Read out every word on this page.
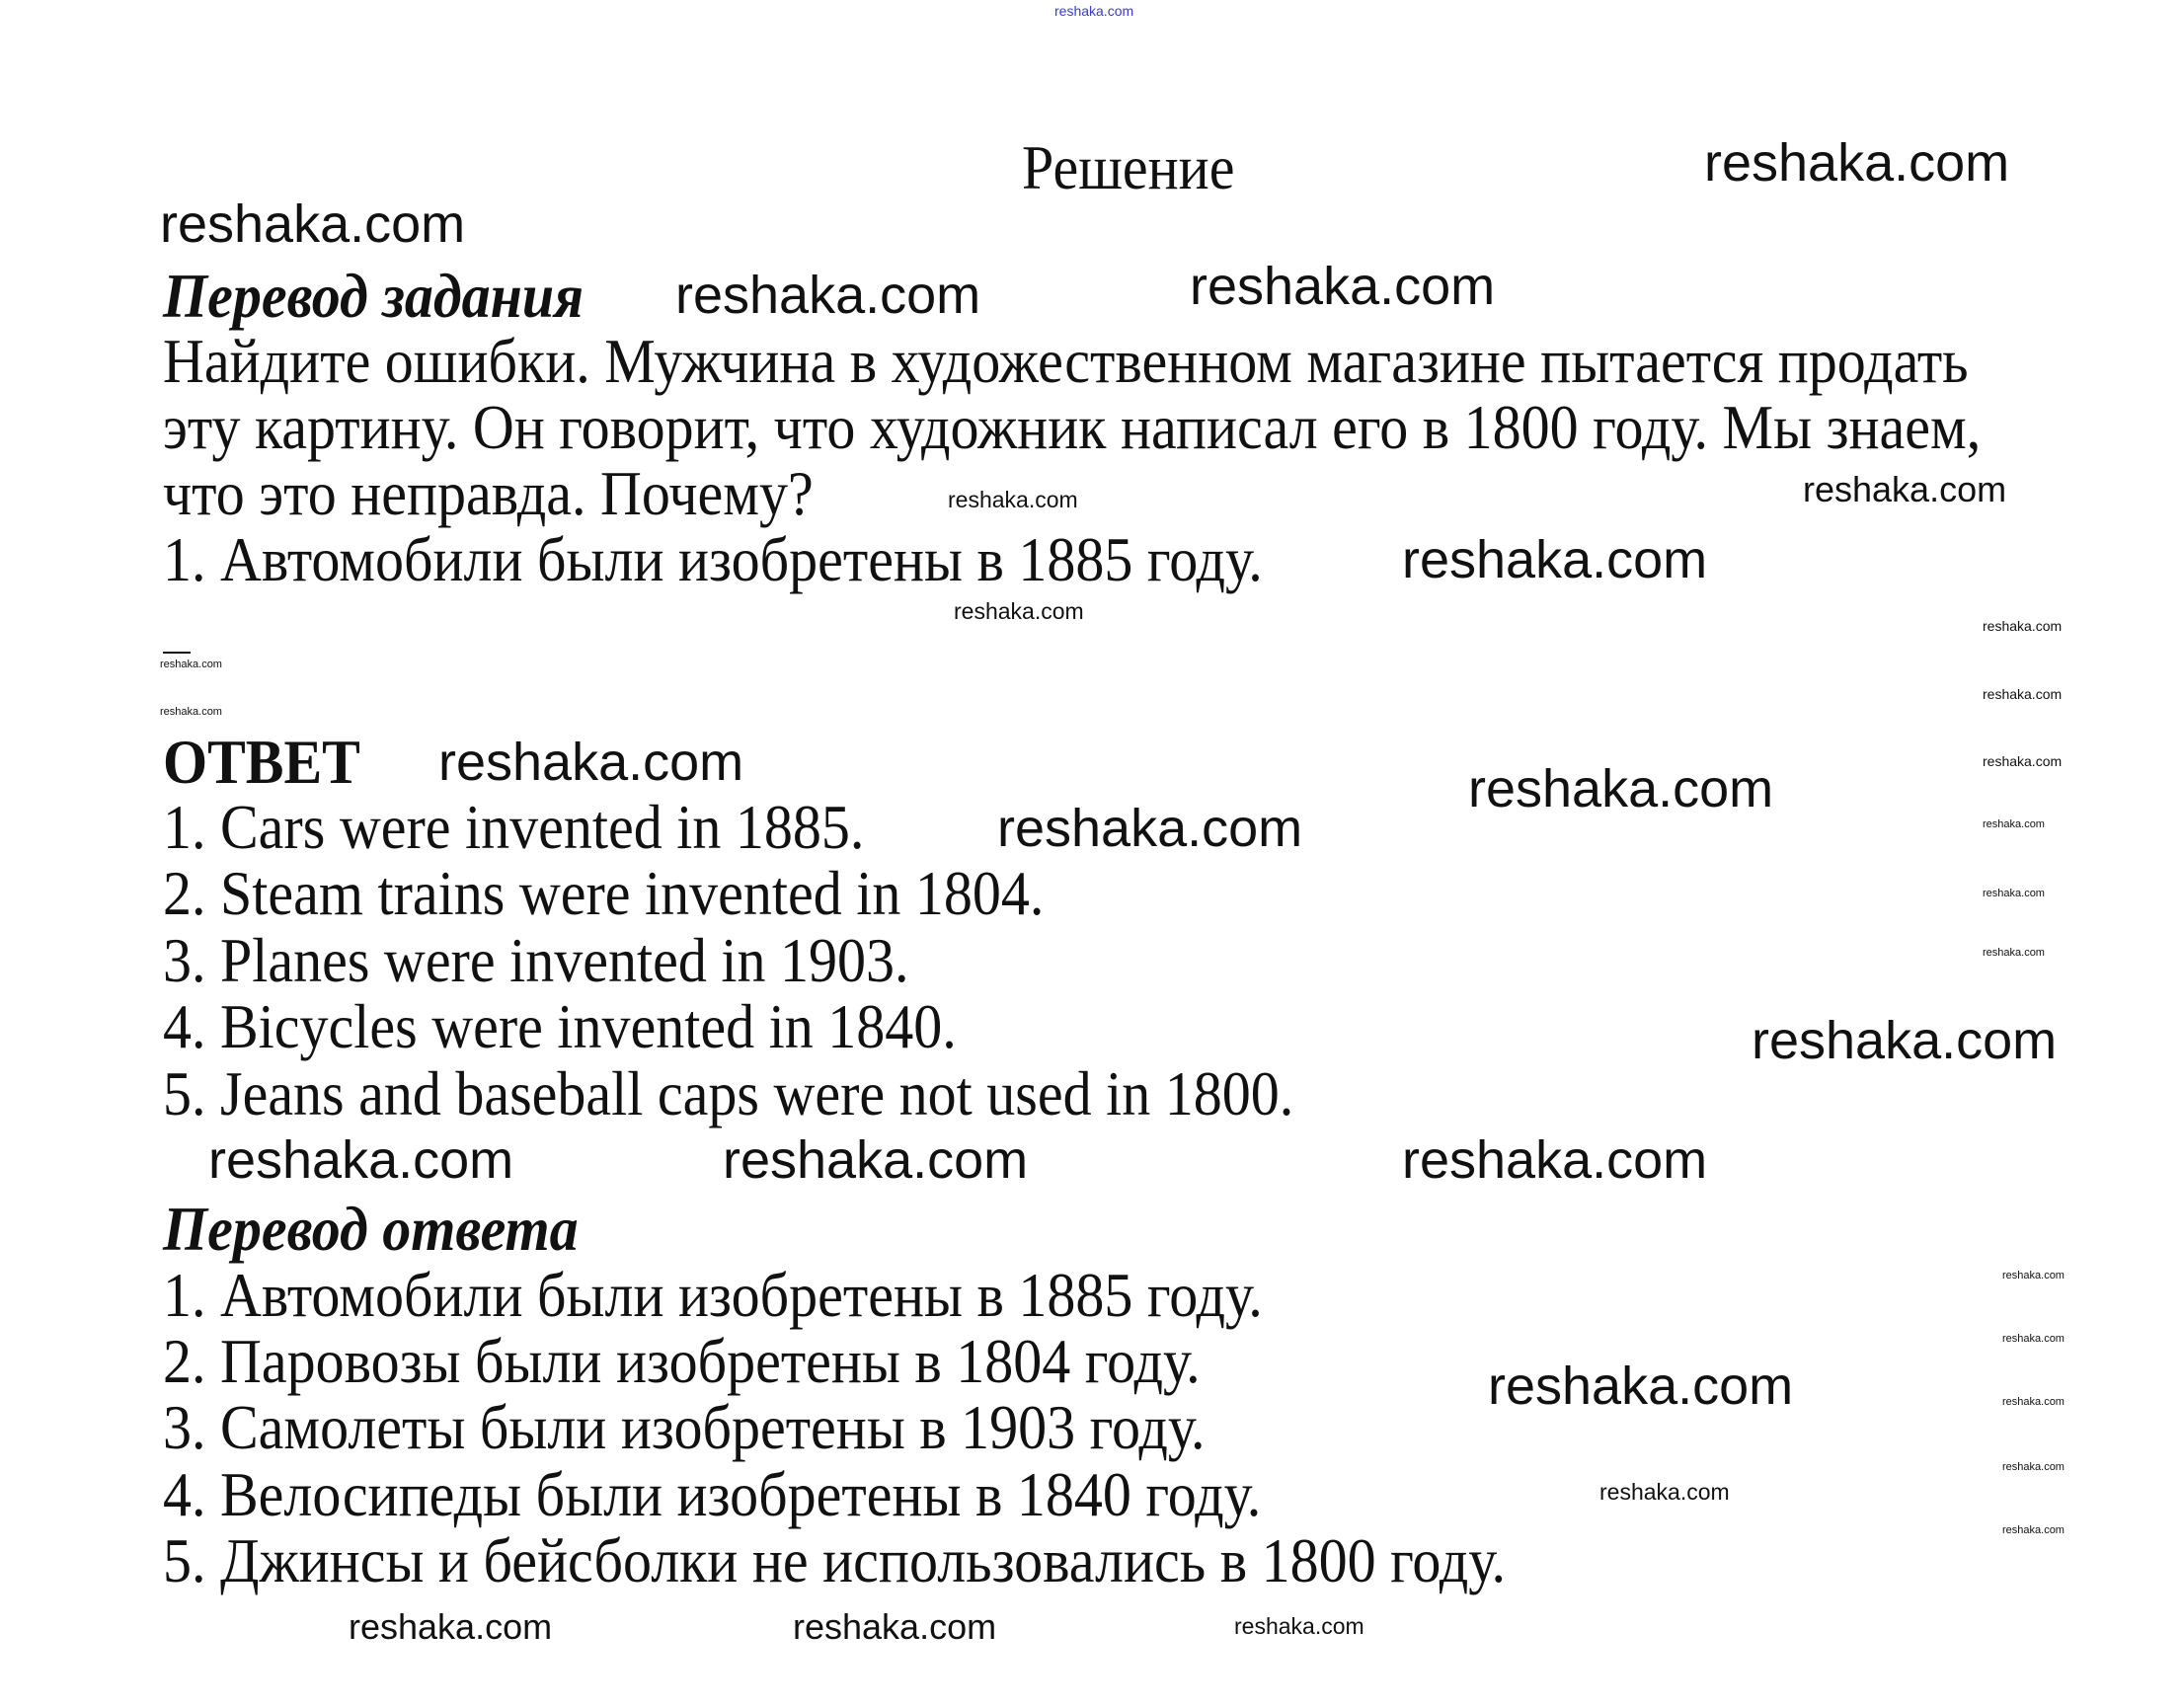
reshaka.com
Решение
Перевод задания
Найдите ошибки. Мужчина в художественном магазине пытается продать
эту картину. Он говорит, что художник написал его в 1800 году. Мы знаем,
что это неправда. Почему?
1. Автомобили были изобретены в 1885 году.
ОТВЕТ
1. Cars were invented in 1885.
2. Steam trains were invented in 1804.
3. Planes were invented in 1903.
4. Bicycles were invented in 1840.
5. Jeans and baseball caps were not used in 1800.
Перевод ответа
1. Автомобили были изобретены в 1885 году.
2. Паровозы были изобретены в 1804 году.
3. Самолеты были изобретены в 1903 году.
4. Велосипеды были изобретены в 1840 году.
5. Джинсы и бейсболки не использовались в 1800 году.
reshaka.com
reshaka.com
reshaka.com
reshaka.com
reshaka.com
reshaka.com
reshaka.com
reshaka.com
reshaka.com
reshaka.com
reshaka.com
reshaka.com
reshaka.com
reshaka.com	reshaka.com
reshaka.com
reshaka.com
reshaka.com
reshaka.com
reshaka.com
reshaka.com
reshaka.com
reshaka.com
reshaka.com
reshaka.com
reshaka.com
reshaka.com	reshaka.com
reshaka.com
reshaka.com
reshaka.com
reshaka.com
reshaka.com
